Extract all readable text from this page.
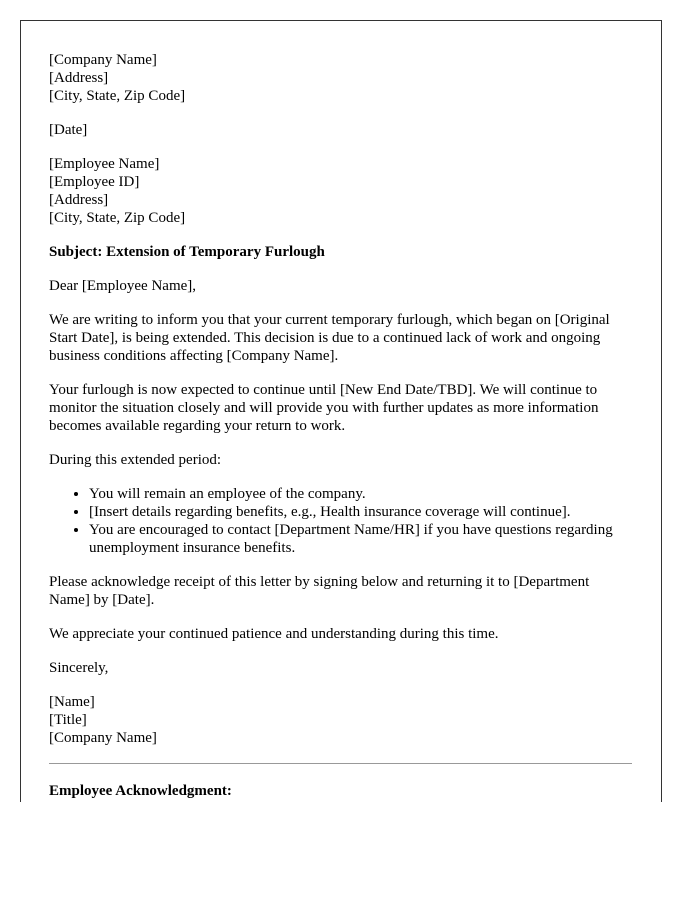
[Company Name]
[Address]
[City, State, Zip Code]

[Date]

[Employee Name]
[Employee ID]
[Address]
[City, State, Zip Code]

Subject: Extension of Temporary Furlough

Dear [Employee Name],

We are writing to inform you that your current temporary furlough, which began on [Original Start Date], is being extended. This decision is due to a continued lack of work and ongoing business conditions affecting [Company Name].

Your furlough is now expected to continue until [New End Date/TBD]. We will continue to monitor the situation closely and will provide you with further updates as more information becomes available regarding your return to work.

During this extended period:

• You will remain an employee of the company.
• [Insert details regarding benefits, e.g., Health insurance coverage will continue].
• You are encouraged to contact [Department Name/HR] if you have questions regarding unemployment insurance benefits.

Please acknowledge receipt of this letter by signing below and returning it to [Department Name] by [Date].

We appreciate your continued patience and understanding during this time.

Sincerely,

[Name]
[Title]
[Company Name]

Employee Acknowledgment:
